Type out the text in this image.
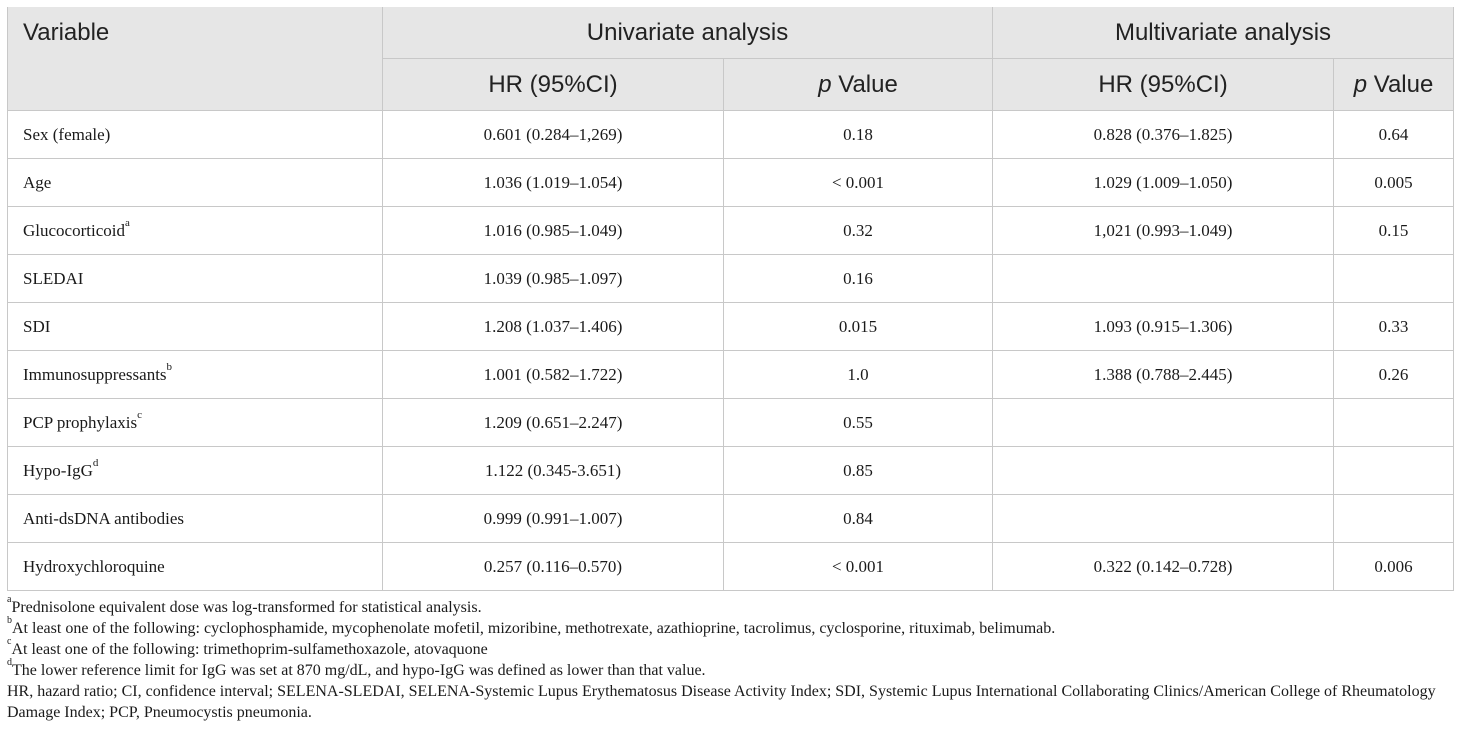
Variable	Univariate analysis		Multivariate analysis	
	HR (95%CI)	p Value	HR (95%CI)	p Value
Sex (female)	0.601 (0.284–1,269)	0.18	0.828 (0.376–1.825)	0.64
Age	1.036 (1.019–1.054)	< 0.001	1.029 (1.009–1.050)	0.005
Glucocorticoid$^a$	1.016 (0.985–1.049)	0.32	1,021 (0.993–1.049)	0.15
SLEDAI	1.039 (0.985–1.097)	0.16		
SDI	1.208 (1.037–1.406)	0.015	1.093 (0.915–1.306)	0.33
Immunosuppressants$^b$	1.001 (0.582–1.722)	1.0	1.388 (0.788–2.445)	0.26
PCP prophylaxis$^c$	1.209 (0.651–2.247)	0.55		
Hypo-IgG$^d$	1.122 (0.345-3.651)	0.85		
Anti-dsDNA antibodies	0.999 (0.991–1.007)	0.84		
Hydroxychloroquine	0.257 (0.116–0.570)	< 0.001	0.322 (0.142–0.728)	0.006
$^a$Prednisolone equivalent dose was log-transformed for statistical analysis.
$^b$At least one of the following: cyclophosphamide, mycophenolate mofetil, mizoribine, methotrexate, azathioprine, tacrolimus, cyclosporine, rituximab, belimumab.
$^c$At least one of the following: trimethoprim-sulfamethoxazole, atovaquone
$^d$The lower reference limit for IgG was set at 870 mg/dL, and hypo-IgG was defined as lower than that value.
HR, hazard ratio; CI, confidence interval; SELENA-SLEDAI, SELENA-Systemic Lupus Erythematosus Disease Activity Index; SDI, Systemic Lupus International Collaborating Clinics/American College of Rheumatology Damage Index; PCP, Pneumocystis pneumonia.
